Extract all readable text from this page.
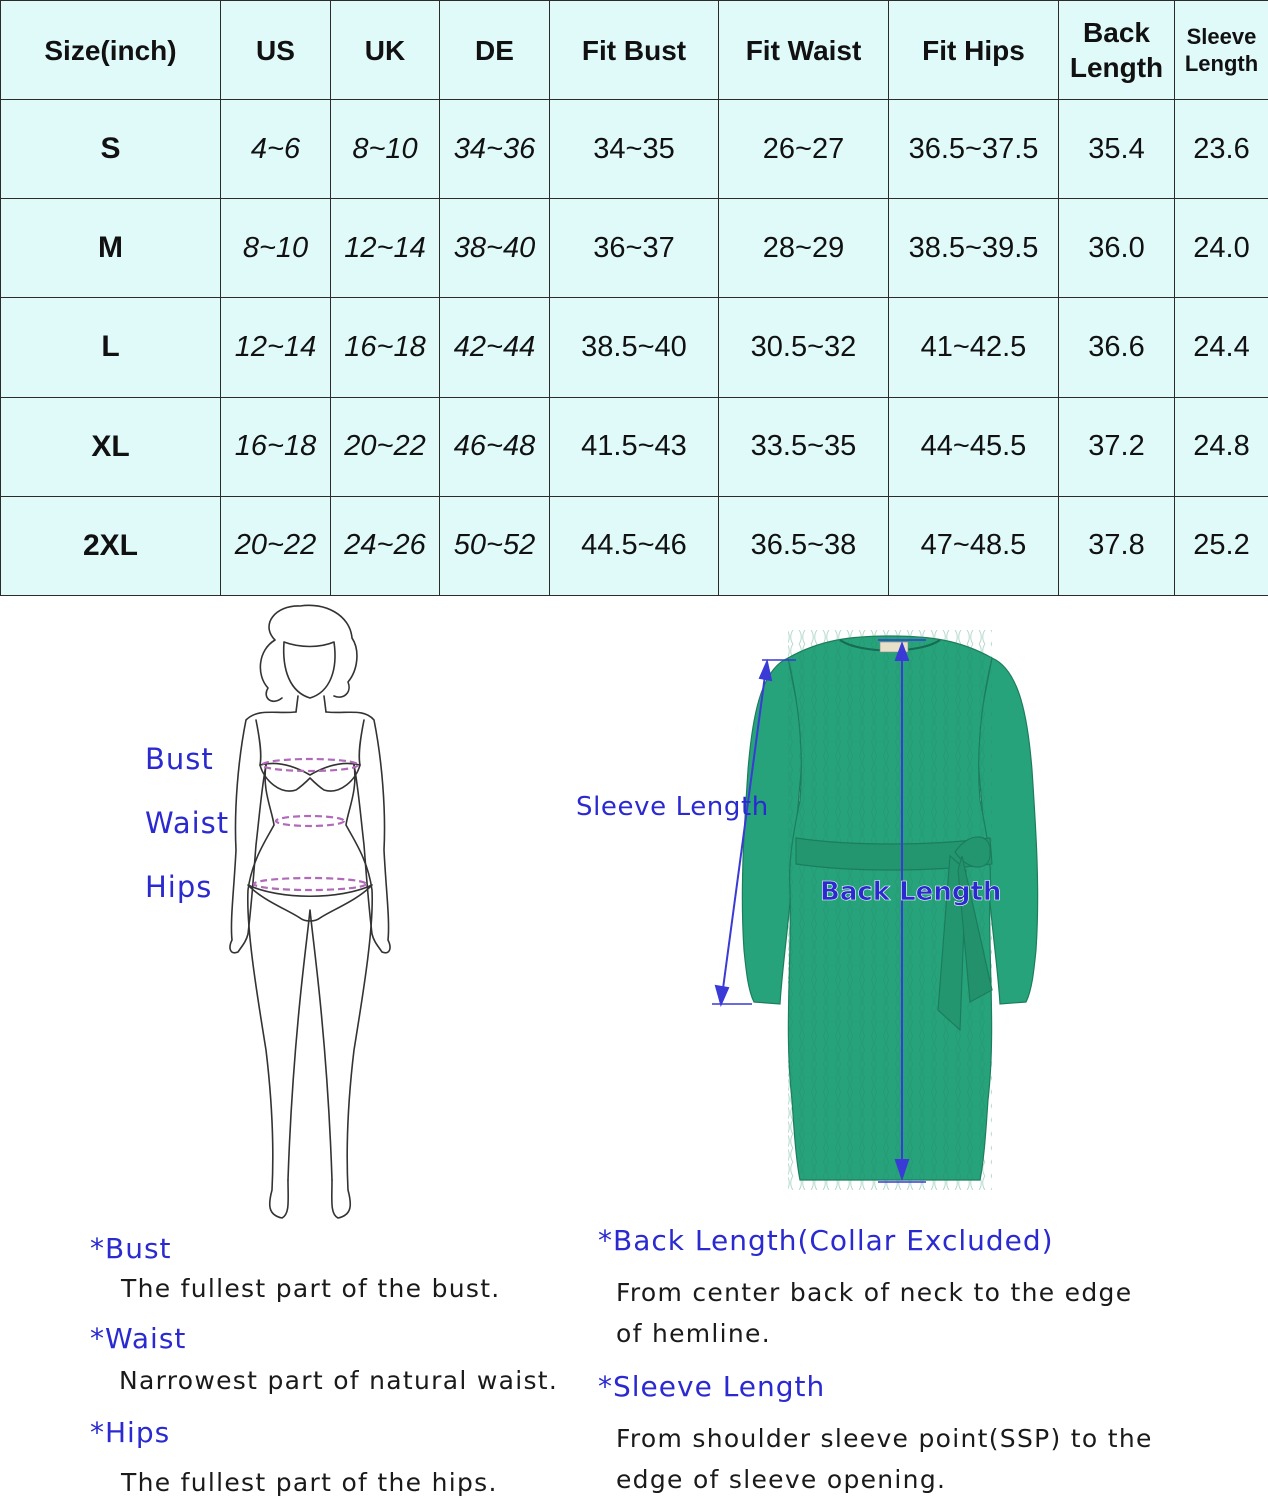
Size(inch)	US	UK	DE	Fit Bust	Fit Waist	Fit Hips	Back Length	Sleeve Length
S	4~6	8~10	34~36	34~35	26~27	36.5~37.5	35.4	23.6
M	8~10	12~14	38~40	36~37	28~29	38.5~39.5	36.0	24.0
L	12~14	16~18	42~44	38.5~40	30.5~32	41~42.5	36.6	24.4
XL	16~18	20~22	46~48	41.5~43	33.5~35	44~45.5	37.2	24.8
2XL	20~22	24~26	50~52	44.5~46	36.5~38	47~48.5	37.8	25.2
Bust
Waist
Hips
Sleeve Length
Back Length
*Bust
The fullest part of the bust.
*Waist
Narrowest part of natural waist.
*Hips
The fullest part of the hips.
*Back Length(Collar Excluded)
From center back of neck to the edge
of hemline.
*Sleeve Length
From shoulder sleeve point(SSP) to the
edge of sleeve opening.
